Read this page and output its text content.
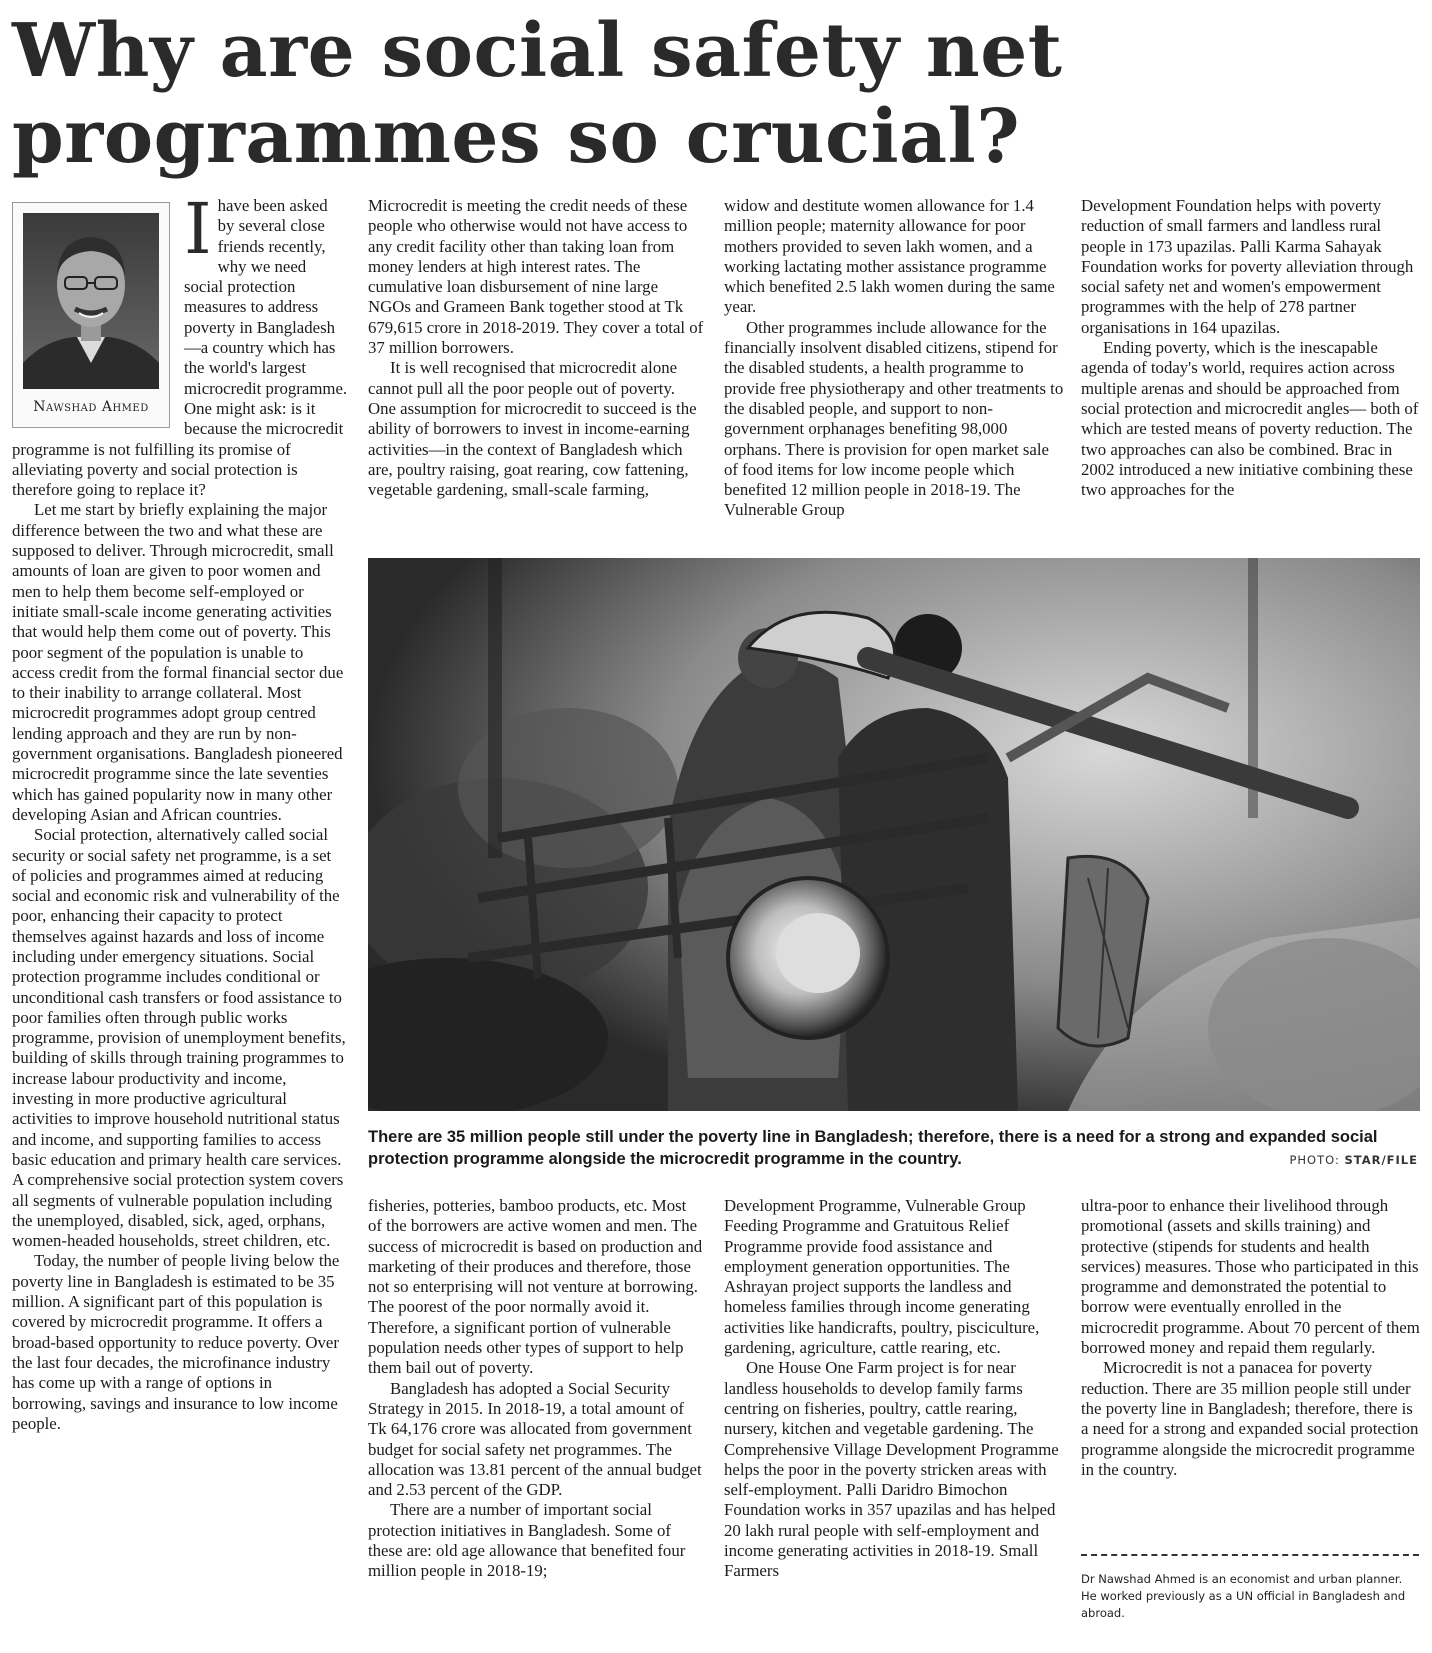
Why are social safety net programmes so crucial?
Nawshad Ahmed
I have been asked by several close friends recently, why we need social protection measures to address poverty in Bangladesh—a country which has the world's largest microcredit programme. One might ask: is it because the microcredit programme is not fulfilling its promise of alleviating poverty and social protection is therefore going to replace it?

Let me start by briefly explaining the major difference between the two and what these are supposed to deliver. Through microcredit, small amounts of loan are given to poor women and men to help them become self-employed or initiate small-scale income generating activities that would help them come out of poverty. This poor segment of the population is unable to access credit from the formal financial sector due to their inability to arrange collateral. Most microcredit programmes adopt group centred lending approach and they are run by non-government organisations. Bangladesh pioneered microcredit programme since the late seventies which has gained popularity now in many other developing Asian and African countries.

Social protection, alternatively called social security or social safety net programme, is a set of policies and programmes aimed at reducing social and economic risk and vulnerability of the poor, enhancing their capacity to protect themselves against hazards and loss of income including under emergency situations. Social protection programme includes conditional or unconditional cash transfers or food assistance to poor families often through public works programme, provision of unemployment benefits, building of skills through training programmes to increase labour productivity and income, investing in more productive agricultural activities to improve household nutritional status and income, and supporting families to access basic education and primary health care services. A comprehensive social protection system covers all segments of vulnerable population including the unemployed, disabled, sick, aged, orphans, women-headed households, street children, etc.

Today, the number of people living below the poverty line in Bangladesh is estimated to be 35 million. A significant part of this population is covered by microcredit programme. It offers a broad-based opportunity to reduce poverty. Over the last four decades, the microfinance industry has come up with a range of options in borrowing, savings and insurance to low income people.

Microcredit is meeting the credit needs of these people who otherwise would not have access to any credit facility other than taking loan from money lenders at high interest rates. The cumulative loan disbursement of nine large NGOs and Grameen Bank together stood at Tk 679,615 crore in 2018-2019. They cover a total of 37 million borrowers.

It is well recognised that microcredit alone cannot pull all the poor people out of poverty. One assumption for microcredit to succeed is the ability of borrowers to invest in income-earning activities—in the context of Bangladesh which are, poultry raising, goat rearing, cow fattening, vegetable gardening, small-scale farming,

widow and destitute women allowance for 1.4 million people; maternity allowance for poor mothers provided to seven lakh women, and a working lactating mother assistance programme which benefited 2.5 lakh women during the same year.

Other programmes include allowance for the financially insolvent disabled citizens, stipend for the disabled students, a health programme to provide free physiotherapy and other treatments to the disabled people, and support to non-government orphanages benefiting 98,000 orphans. There is provision for open market sale of food items for low income people which benefited 12 million people in 2018-19. The Vulnerable Group

Development Foundation helps with poverty reduction of small farmers and landless rural people in 173 upazilas. Palli Karma Sahayak Foundation works for poverty alleviation through social safety net and women's empowerment programmes with the help of 278 partner organisations in 164 upazilas.

Ending poverty, which is the inescapable agenda of today's world, requires action across multiple arenas and should be approached from social protection and microcredit angles— both of which are tested means of poverty reduction. The two approaches can also be combined. Brac in 2002 introduced a new initiative combining these two approaches for the

There are 35 million people still under the poverty line in Bangladesh; therefore, there is a need for a strong and expanded social protection programme alongside the microcredit programme in the country.	PHOTO: STAR/FILE

fisheries, potteries, bamboo products, etc. Most of the borrowers are active women and men. The success of microcredit is based on production and marketing of their produces and therefore, those not so enterprising will not venture at borrowing. The poorest of the poor normally avoid it. Therefore, a significant portion of vulnerable population needs other types of support to help them bail out of poverty.

Bangladesh has adopted a Social Security Strategy in 2015. In 2018-19, a total amount of Tk 64,176 crore was allocated from government budget for social safety net programmes. The allocation was 13.81 percent of the annual budget and 2.53 percent of the GDP.

There are a number of important social protection initiatives in Bangladesh. Some of these are: old age allowance that benefited four million people in 2018-19;

Development Programme, Vulnerable Group Feeding Programme and Gratuitous Relief Programme provide food assistance and employment generation opportunities. The Ashrayan project supports the landless and homeless families through income generating activities like handicrafts, poultry, pisciculture, gardening, agriculture, cattle rearing, etc.

One House One Farm project is for near landless households to develop family farms centring on fisheries, poultry, cattle rearing, nursery, kitchen and vegetable gardening. The Comprehensive Village Development Programme helps the poor in the poverty stricken areas with self-employment. Palli Daridro Bimochon Foundation works in 357 upazilas and has helped 20 lakh rural people with self-employment and income generating activities in 2018-19. Small Farmers

ultra-poor to enhance their livelihood through promotional (assets and skills training) and protective (stipends for students and health services) measures. Those who participated in this programme and demonstrated the potential to borrow were eventually enrolled in the microcredit programme. About 70 percent of them borrowed money and repaid them regularly.

Microcredit is not a panacea for poverty reduction. There are 35 million people still under the poverty line in Bangladesh; therefore, there is a need for a strong and expanded social protection programme alongside the microcredit programme in the country.

Dr Nawshad Ahmed is an economist and urban planner. He worked previously as a UN official in Bangladesh and abroad.
